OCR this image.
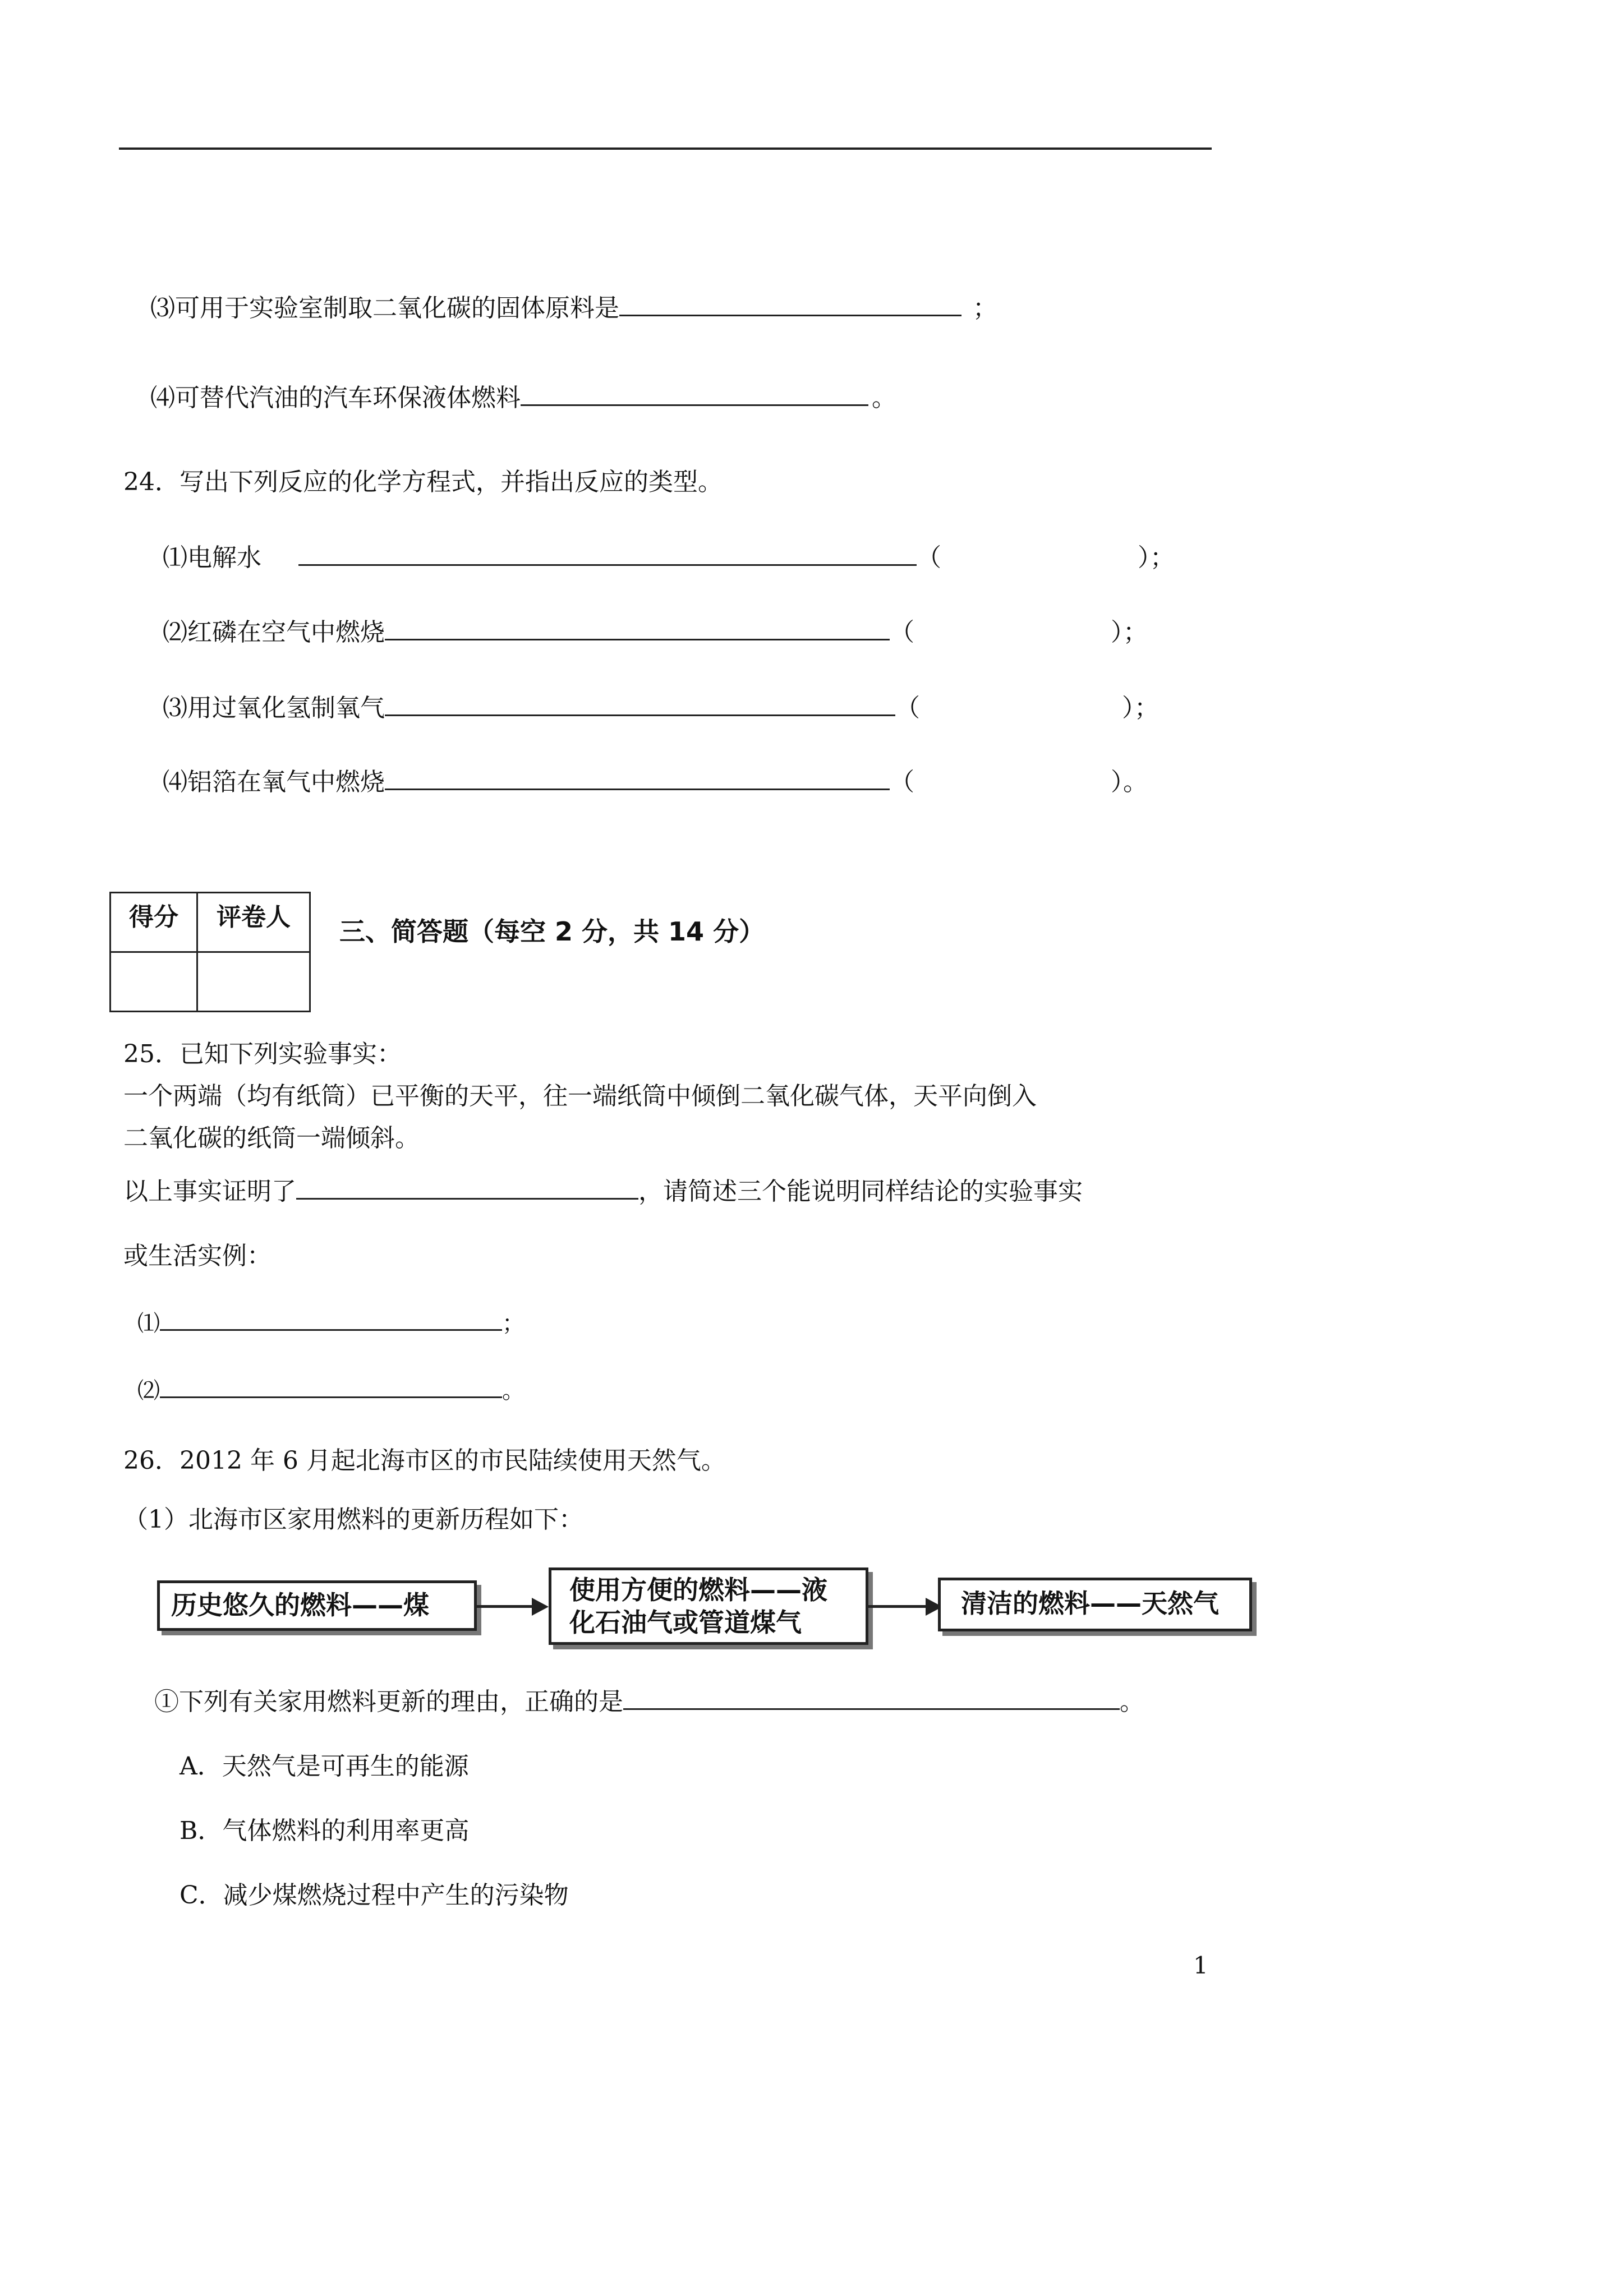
⑶可用于实验室制取二氧化碳的固体原料是	；
⑷可替代汽油的汽车环保液体燃料	。
24．写出下列反应的化学方程式，并指出反应的类型。
⑴电解水	（	）；
⑵红磷在空气中燃烧	（	）；
⑶用过氧化氢制氧气	（	）；
⑷铝箔在氧气中燃烧	（	）。
得分	评卷人
	三、简答题（每空 2 分，共 14 分）
25．已知下列实验事实：
一个两端（均有纸筒）已平衡的天平，往一端纸筒中倾倒二氧化碳气体，天平向倒入
二氧化碳的纸筒一端倾斜。
以上事实证明了	，请简述三个能说明同样结论的实验事实
或生活实例：
⑴	；
⑵	。
26．2012 年 6 月起北海市区的市民陆续使用天然气。
（1）北海市区家用燃料的更新历程如下：
历史悠久的燃料——煤	使用方便的燃料——液
化石油气或管道煤气
清洁的燃料——天然气
①下列有关家用燃料更新的理由，正确的是	。
A．天然气是可再生的能源
B．气体燃料的利用率更高
C．减少煤燃烧过程中产生的污染物
1
